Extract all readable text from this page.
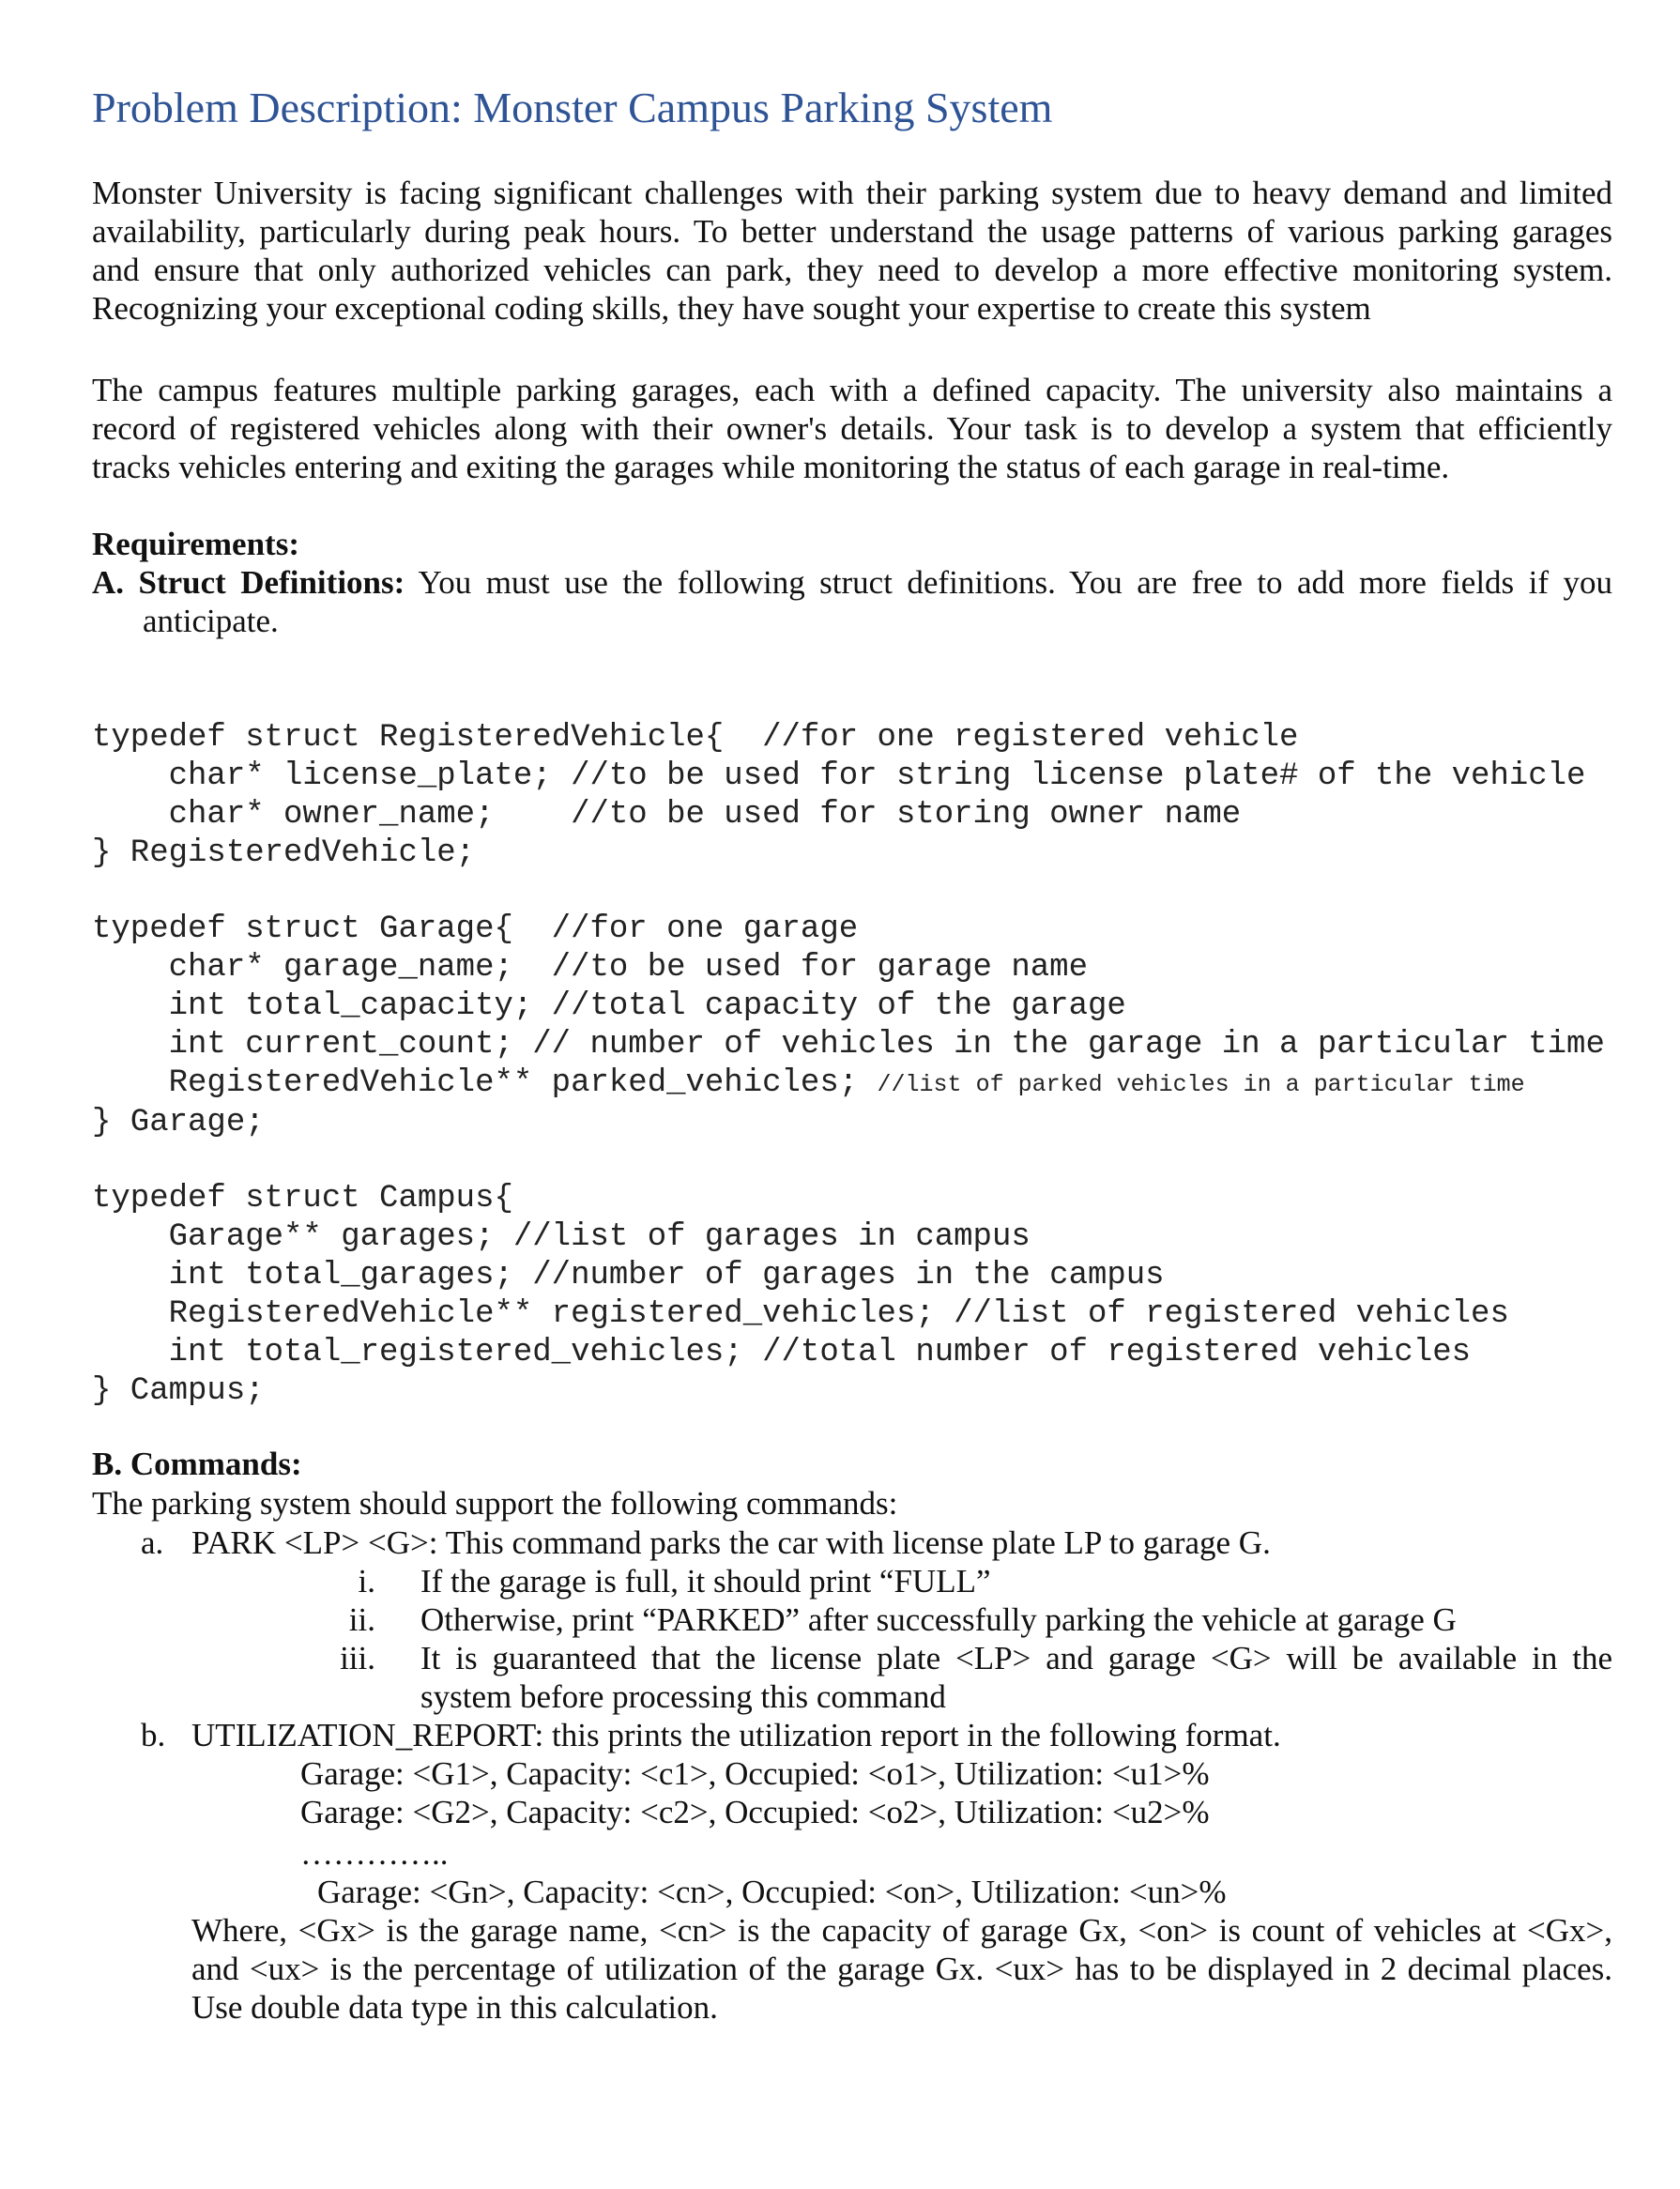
Problem Description: Monster Campus Parking System

Monster University is facing significant challenges with their parking system due to heavy demand and limited
availability, particularly during peak hours. To better understand the usage patterns of various parking garages
and ensure that only authorized vehicles can park, they need to develop a more effective monitoring system.
Recognizing your exceptional coding skills, they have sought your expertise to create this system

The campus features multiple parking garages, each with a defined capacity. The university also maintains a
record of registered vehicles along with their owner's details. Your task is to develop a system that efficiently
tracks vehicles entering and exiting the garages while monitoring the status of each garage in real-time.

Requirements:

A. Struct Definitions: You must use the following struct definitions. You are free to add more fields if you
anticipate.
typedef struct RegisteredVehicle{  //for one registered vehicle
char* license_plate; //to be used for string license plate# of the vehicle
char* owner_name;    //to be used for storing owner name
} RegisteredVehicle;
typedef struct Garage{  //for one garage
char* garage_name;  //to be used for garage name
int total_capacity; //total capacity of the garage
int current_count; // number of vehicles in the garage in a particular time
RegisteredVehicle** parked_vehicles; //list of parked vehicles in a particular time
} Garage;
typedef struct Campus{
Garage** garages; //list of garages in campus
int total_garages; //number of garages in the campus
RegisteredVehicle** registered_vehicles; //list of registered vehicles
int total_registered_vehicles; //total number of registered vehicles
} Campus;

B. Commands:

The parking system should support the following commands:

a. PARK <LP> <G>: This command parks the car with license plate LP to garage G.
i. If the garage is full, it should print “FULL”
ii. Otherwise, print “PARKED” after successfully parking the vehicle at garage G
iii. It is guaranteed that the license plate <LP> and garage <G> will be available in the
system before processing this command
b. UTILIZATION_REPORT: this prints the utilization report in the following format.
Garage: <G1>, Capacity: <c1>, Occupied: <o1>, Utilization: <u1>%
Garage: <G2>, Capacity: <c2>, Occupied: <o2>, Utilization: <u2>%
…………..
Garage: <Gn>, Capacity: <cn>, Occupied: <on>, Utilization: <un>%
Where, <Gx> is the garage name, <cn> is the capacity of garage Gx, <on> is count of vehicles at <Gx>,
and <ux> is the percentage of utilization of the garage Gx. <ux> has to be displayed in 2 decimal places.
Use double data type in this calculation.
